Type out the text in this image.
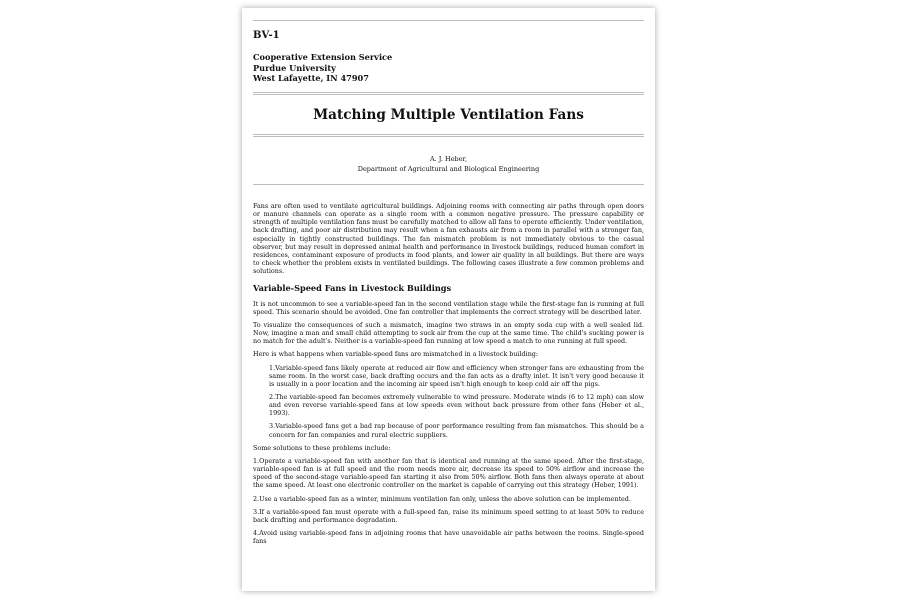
BV-1
Cooperative Extension Service
Purdue University
West Lafayette, IN 47907
Matching Multiple Ventilation Fans
A. J. Heber,
Department of Agricultural and Biological Engineering

Fans are often used to ventilate agricultural buildings. Adjoining rooms with connecting air paths through open doors or manure channels can operate as a single room with a common negative pressure. The pressure capability or strength of multiple ventilation fans must be carefully matched to allow all fans to operate efficiently. Under ventilation, back drafting, and poor air distribution may result when a fan exhausts air from a room in parallel with a stronger fan, especially in tightly constructed buildings. The fan mismatch problem is not immediately obvious to the casual observer, but may result in depressed animal health and performance in livestock buildings, reduced human comfort in residences, contaminant exposure of products in food plants, and lower air quality in all buildings. But there are ways to check whether the problem exists in ventilated buildings. The following cases illustrate a few common problems and solutions.

Variable-Speed Fans in Livestock Buildings

It is not uncommon to see a variable-speed fan in the second ventilation stage while the first-stage fan is running at full speed. This scenario should be avoided. One fan controller that implements the correct strategy will be described later.

To visualize the consequences of such a mismatch, imagine two straws in an empty soda cup with a well sealed lid. Now, imagine a man and small child attempting to suck air from the cup at the same time. The child's sucking power is no match for the adult's. Neither is a variable-speed fan running at low speed a match to one running at full speed.

Here is what happens when variable-speed fans are mismatched in a livestock building:

1.Variable-speed fans likely operate at reduced air flow and efficiency when stronger fans are exhausting from the same room. In the worst case, back drafting occurs and the fan acts as a drafty inlet. It isn't very good because it is usually in a poor location and the incoming air speed isn't high enough to keep cold air off the pigs.

2.The variable-speed fan becomes extremely vulnerable to wind pressure. Moderate winds (6 to 12 mph) can slow and even reverse variable-speed fans at low speeds even without back pressure from other fans (Heber et al., 1993).

3.Variable-speed fans get a bad rap because of poor performance resulting from fan mismatches. This should be a concern for fan companies and rural electric suppliers.

Some solutions to these problems include:

1.Operate a variable-speed fan with another fan that is identical and running at the same speed. After the first-stage, variable-speed fan is at full speed and the room needs more air, decrease its speed to 50% airflow and increase the speed of the second-stage variable-speed fan starting it also from 50% airflow. Both fans then always operate at about the same speed. At least one electronic controller on the market is capable of carrying out this strategy (Heber, 1991).

2.Use a variable-speed fan as a winter, minimum ventilation fan only, unless the above solution can be implemented.

3.If a variable-speed fan must operate with a full-speed fan, raise its minimum speed setting to at least 50% to reduce back drafting and performance degradation.

4.Avoid using variable-speed fans in adjoining rooms that have unavoidable air paths between the rooms. Single-speed fans
